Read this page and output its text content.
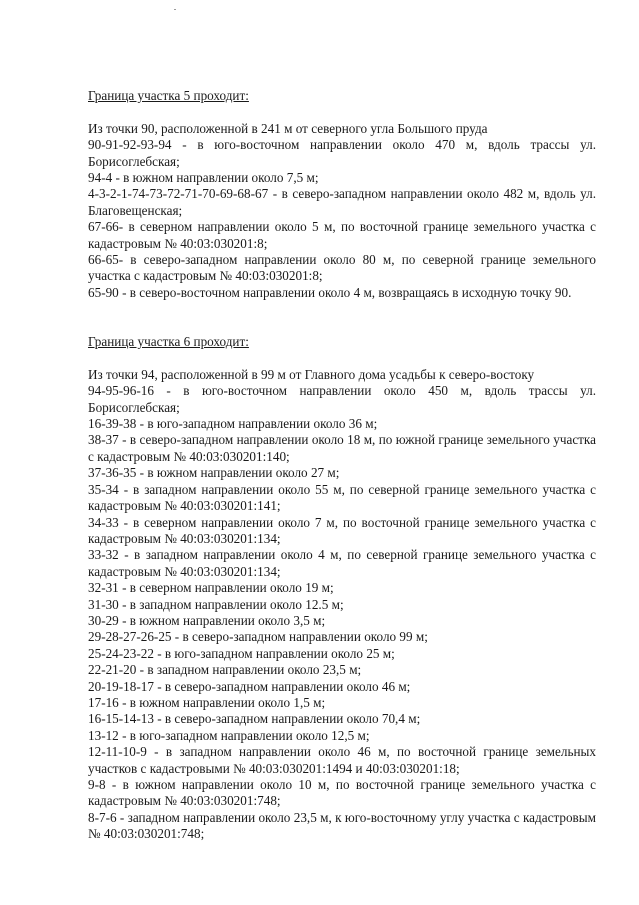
Граница участка 5 проходит:
Из точки 90, расположенной в 241 м от северного угла Большого пруда
90-91-92-93-94 - в юго-восточном направлении около 470 м, вдоль трассы ул. Борисоглебская;
94-4 - в южном направлении около 7,5 м;
4-3-2-1-74-73-72-71-70-69-68-67 - в северо-западном направлении около 482 м, вдоль ул. Благовещенская;
67-66- в северном направлении около 5 м, по восточной границе земельного участка с кадастровым № 40:03:030201:8;
66-65- в северо-западном направлении около 80 м, по северной границе земельного участка с кадастровым № 40:03:030201:8;
65-90 - в северо-восточном направлении около 4 м, возвращаясь в исходную точку 90.
Граница участка 6 проходит:
Из точки 94, расположенной в 99 м от Главного дома усадьбы к северо-востоку
94-95-96-16 - в юго-восточном направлении около 450 м, вдоль трассы ул. Борисоглебская;
16-39-38 - в юго-западном направлении около 36 м;
38-37 - в северо-западном направлении около 18 м, по южной границе земельного участка с кадастровым № 40:03:030201:140;
37-36-35 - в южном направлении около 27 м;
35-34 - в западном направлении около 55 м, по северной границе земельного участка с кадастровым № 40:03:030201:141;
34-33 - в северном направлении около 7 м, по восточной границе земельного участка с кадастровым № 40:03:030201:134;
33-32 - в западном направлении около 4 м, по северной границе земельного участка с кадастровым № 40:03:030201:134;
32-31 - в северном направлении около 19 м;
31-30 - в западном направлении около 12.5 м;
30-29 - в южном направлении около 3,5 м;
29-28-27-26-25 - в северо-западном направлении около 99 м;
25-24-23-22 - в юго-западном направлении около 25 м;
22-21-20 - в западном направлении около 23,5 м;
20-19-18-17 - в северо-западном направлении около 46 м;
17-16 - в южном направлении около 1,5 м;
16-15-14-13 - в северо-западном направлении около 70,4 м;
13-12 - в юго-западном направлении около 12,5 м;
12-11-10-9 - в западном направлении около 46 м, по восточной границе земельных участков с кадастровыми № 40:03:030201:1494 и 40:03:030201:18;
9-8 - в южном направлении около 10 м, по восточной границе земельного участка с кадастровым № 40:03:030201:748;
8-7-6 - западном направлении около 23,5 м, к юго-восточному углу участка с кадастровым № 40:03:030201:748;
